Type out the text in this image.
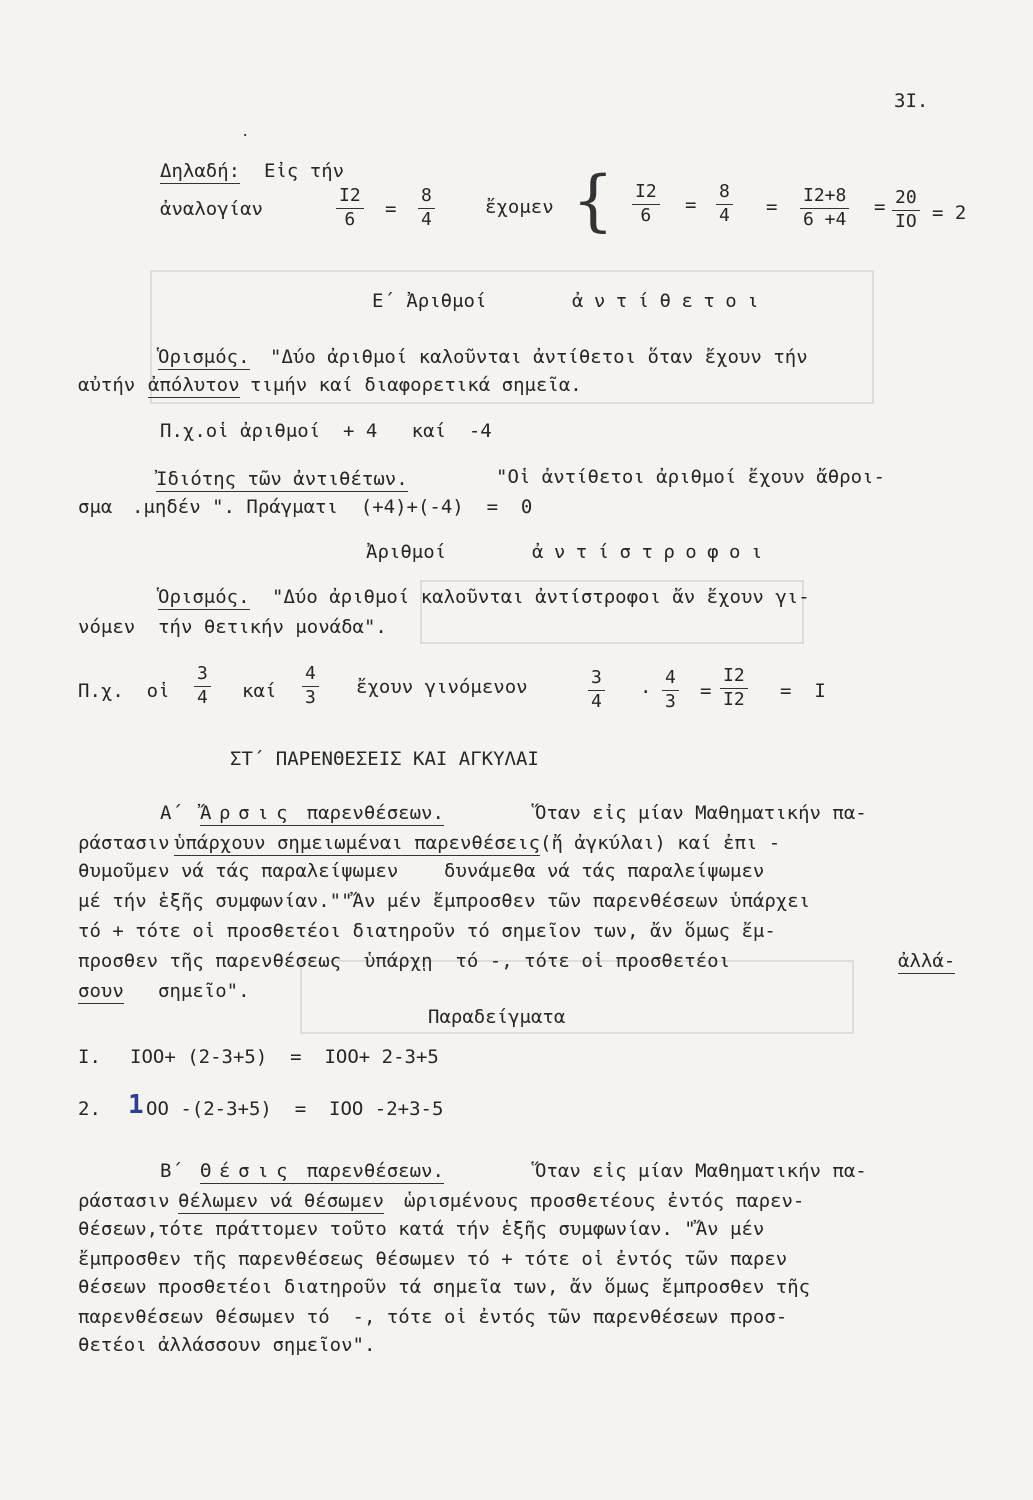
3Ι.
·
Δηλαδή: Εἰς τήν
ἀναλογίαν	$\frac{I2}{6} = \frac{8}{4}$	ἔχομεν { $\frac{I2}{6} = \frac{8}{4} = \frac{I2+8}{6 +4} = \frac{20}{IO} = 2$
Ε΄ Ἀριθμοί	ἀντίθετοι
Ὁρισμός. "Δύο ἀριθμοί καλοῦνται ἀντίθετοι ὅταν ἔχουν τήν
αὐτήν ἀπόλυτον τιμήν καί διαφορετικά σημεῖα.
Π.χ.οἱ ἀριθμοί  + 4   καί  -4
Ἰδιότης τῶν ἀντιθέτων.	"Οἱ ἀντίθετοι ἀριθμοί ἔχουν ἄθροι-
σμα .μηδέν ". Πράγματι  (+4)+(-4)  =  0
Ἀριθμοί	ἀντίστροφοι
Ὁρισμός. "Δύο ἀριθμοί καλοῦνται ἀντίστροφοι ἄν ἔχουν γι-
νόμεν  τήν θετικήν μονάδα".
Π.χ.  οἱ $\frac{3}{4}$ καί $\frac{4}{3}$ ἔχουν γινόμενον	$\frac{3}{4}$ . $\frac{4}{3} = \frac{I2}{I2} = I$
ΣΤ΄ ΠΑΡΕΝΘΕΣΕΙΣ ΚΑΙ ΑΓΚΥΛΑΙ
Α΄ Ἄρσις παρενθέσεων.	Ὅταν εἰς μίαν Μαθηματικήν πα-
ράστασιν ὑπάρχουν σημειωμέναι παρενθέσεις (ἤ ἀγκύλαι) καί ἐπι -
θυμοῦμεν νά τάς παραλείψωμεν    δυνάμεθα νά τάς παραλείψωμεν
μέ τήν ἑξῆς συμφωνίαν.""Ἄν μέν ἔμπροσθεν τῶν παρενθέσεων ὑπάρχει
τό + τότε οἱ προσθετέοι διατηροῦν τό σημεῖον των, ἄν ὅμως ἔμ-
προσθεν τῆς παρενθέσεως  ὑπάρχῃ  τό -, τότε οἱ προσθετέοι	ἀλλά-
σουν σημεῖο".
Παραδείγματα
Ι. ΙΟΟ+ (2-3+5)  =  ΙΟΟ+ 2-3+5
2. 1 ΟΟ -(2-3+5)  =  ΙΟΟ -2+3-5
Β΄ Θέσις παρενθέσεων.	Ὅταν εἰς μίαν Μαθηματικήν πα-
ράστασιν θέλωμεν νά θέσωμεν ὡρισμένους προσθετέους ἐντός παρεν-
θέσεων,τότε πράττομεν τοῦτο κατά τήν ἑξῆς συμφωνίαν. "Ἄν μέν
ἔμπροσθεν τῆς παρενθέσεως θέσωμεν τό + τότε οἱ ἐντός τῶν παρεν
θέσεων προσθετέοι διατηροῦν τά σημεῖα των, ἄν ὅμως ἔμπροσθεν τῆς
παρενθέσεων θέσωμεν τό  -, τότε οἱ ἐντός τῶν παρενθέσεων προσ-
θετέοι ἀλλάσσουν σημεῖον".
